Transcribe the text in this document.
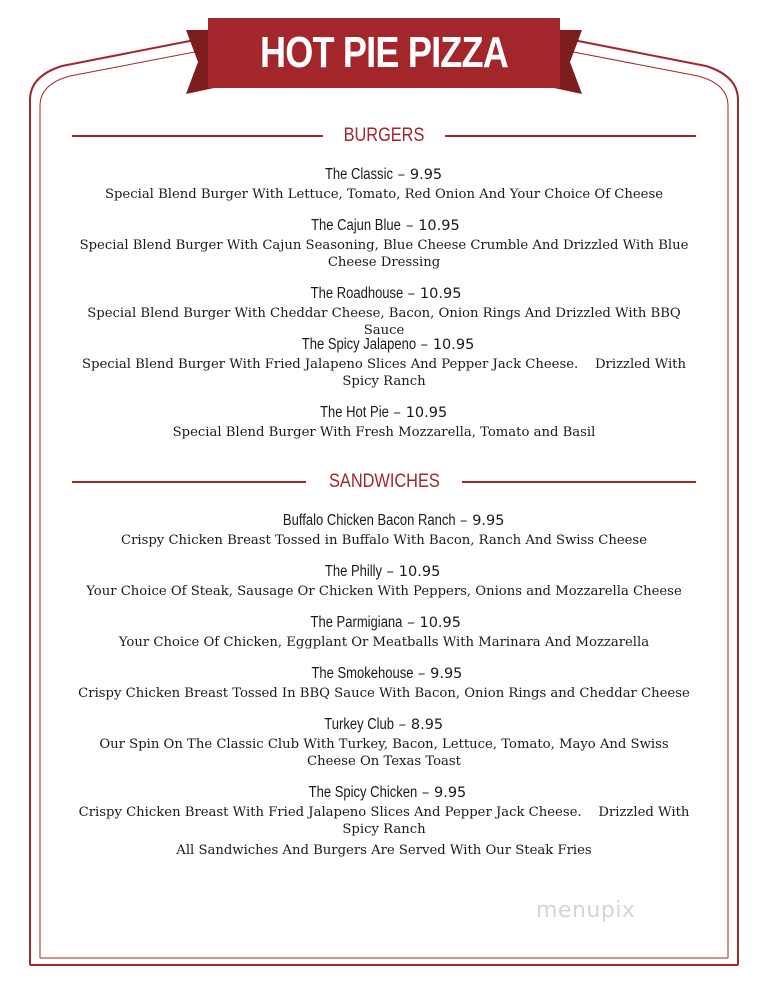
HOT PIE PIZZA
BURGERS
The Classic – 9.95
Special Blend Burger With Lettuce, Tomato, Red Onion And Your Choice Of Cheese
The Cajun Blue – 10.95
Special Blend Burger With Cajun Seasoning, Blue Cheese Crumble And Drizzled With Blue Cheese Dressing
The Roadhouse – 10.95
Special Blend Burger With Cheddar Cheese, Bacon, Onion Rings And Drizzled With BBQ Sauce
The Spicy Jalapeno – 10.95
Special Blend Burger With Fried Jalapeno Slices And Pepper Jack Cheese.    Drizzled With Spicy Ranch
The Hot Pie – 10.95
Special Blend Burger With Fresh Mozzarella, Tomato and Basil
SANDWICHES
Buffalo Chicken Bacon Ranch – 9.95
Crispy Chicken Breast Tossed in Buffalo With Bacon, Ranch And Swiss Cheese
The Philly – 10.95
Your Choice Of Steak, Sausage Or Chicken With Peppers, Onions and Mozzarella Cheese
The Parmigiana – 10.95
Your Choice Of Chicken, Eggplant Or Meatballs With Marinara And Mozzarella
The Smokehouse – 9.95
Crispy Chicken Breast Tossed In BBQ Sauce With Bacon, Onion Rings and Cheddar Cheese
Turkey Club – 8.95
Our Spin On The Classic Club With Turkey, Bacon, Lettuce, Tomato, Mayo And Swiss Cheese On Texas Toast
The Spicy Chicken – 9.95
Crispy Chicken Breast With Fried Jalapeno Slices And Pepper Jack Cheese.    Drizzled With Spicy Ranch
All Sandwiches And Burgers Are Served With Our Steak Fries
menupix
